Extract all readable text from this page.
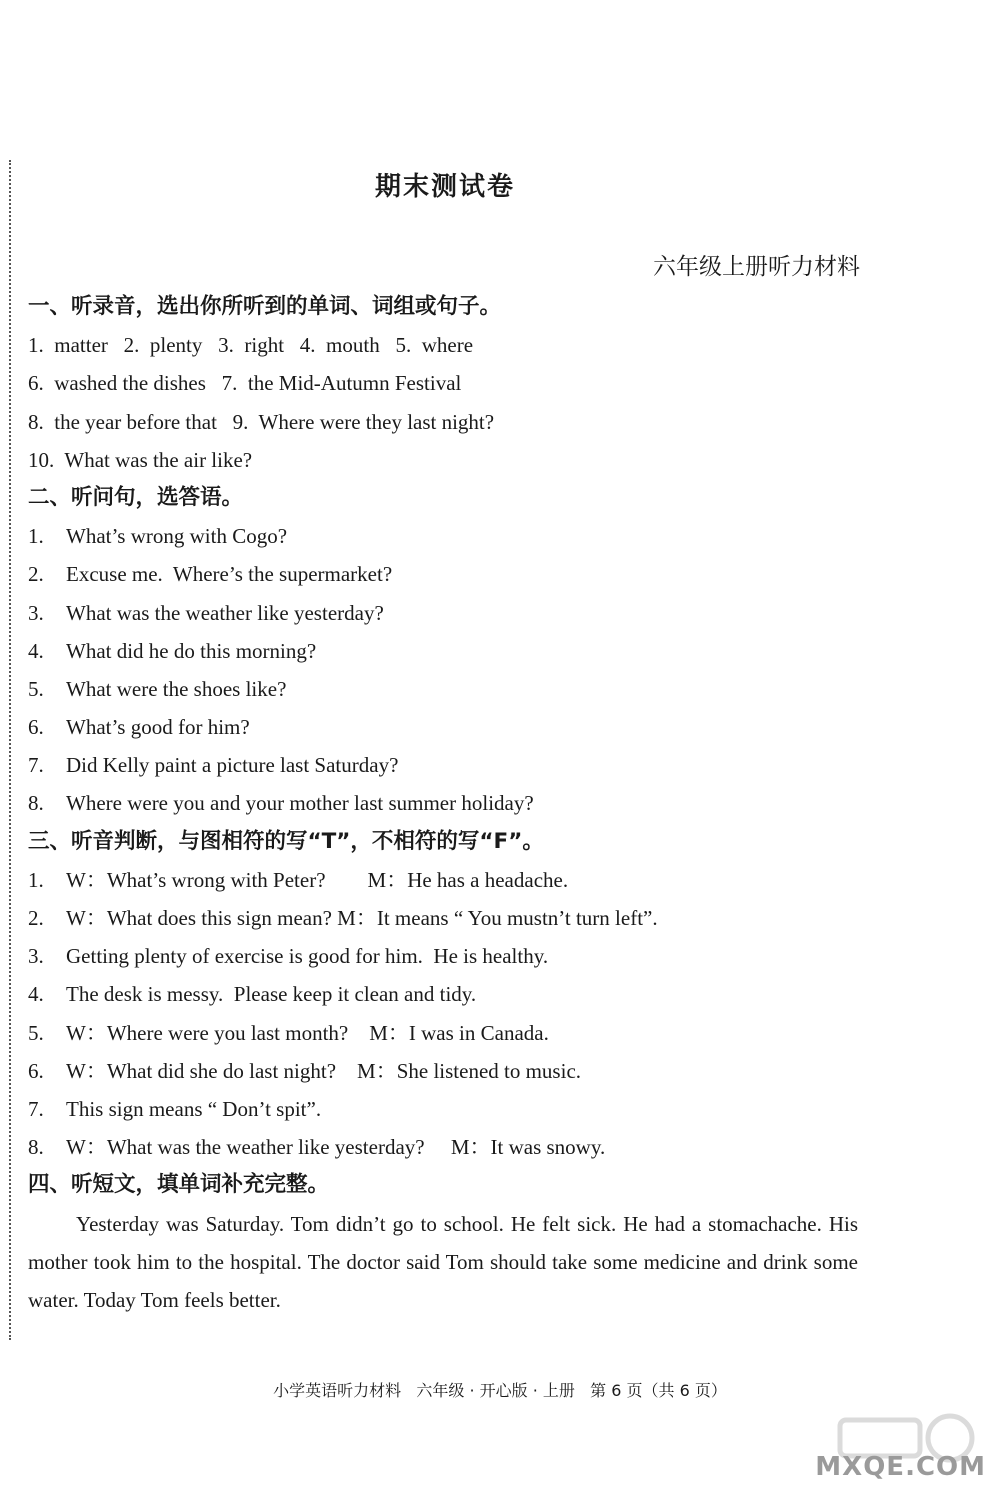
期末测试卷
六年级上册听力材料
一、听录音，选出你所听到的单词、词组或句子。
1.  matter   2.  plenty   3.  right   4.  mouth   5.  where
6.  washed the dishes   7.  the Mid-Autumn Festival
8.  the year before that   9.  Where were they last night?
10.  What was the air like?
二、听问句，选答语。
1. What’s wrong with Cogo?
2. Excuse me.  Where’s the supermarket?
3. What was the weather like yesterday?
4. What did he do this morning?
5. What were the shoes like?
6. What’s good for him?
7. Did Kelly paint a picture last Saturday?
8. Where were you and your mother last summer holiday?
三、听音判断，与图相符的写“T”，不相符的写“F”。
1. W：What’s wrong with Peter?        M：He has a headache.
2. W：What does this sign mean? M：It means “ You mustn’t turn left”.
3. Getting plenty of exercise is good for him.  He is healthy.
4. The desk is messy.  Please keep it clean and tidy.
5. W：Where were you last month?    M：I was in Canada.
6. W：What did she do last night?    M：She listened to music.
7. This sign means “ Don’t spit”.
8. W：What was the weather like yesterday?     M：It was snowy.
四、听短文，填单词补充完整。

Yesterday was Saturday. Tom didn’t go to school. He felt sick. He had a stomachache. His mother took him to the hospital. The doctor said Tom should take some medicine and drink some water. Today Tom feels better.

小学英语听力材料   六年级 · 开心版 · 上册   第 6 页（共 6 页）
MXQE.COM
